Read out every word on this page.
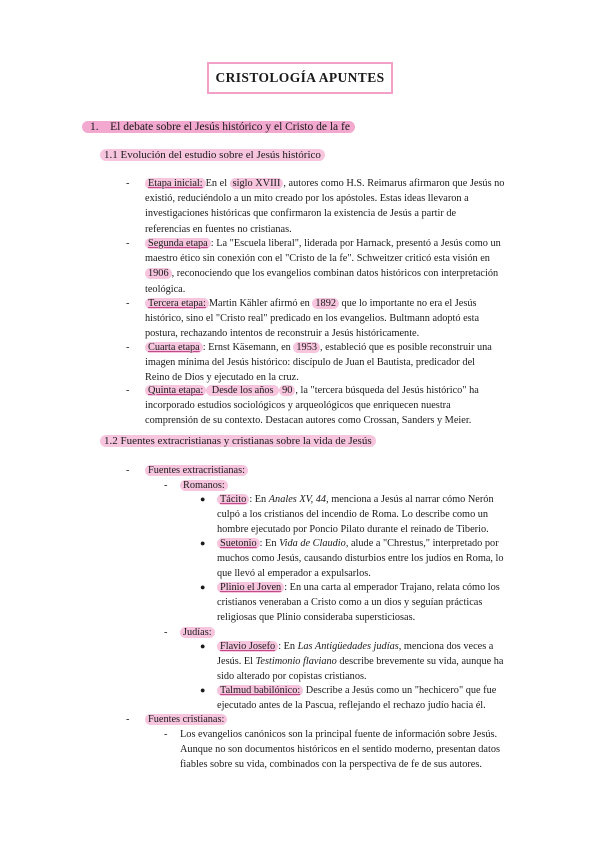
CRISTOLOGÍA APUNTES
1. El debate sobre el Jesús histórico y el Cristo de la fe
1.1 Evolución del estudio sobre el Jesús histórico
- Etapa inicial: En el siglo XVIII , autores como H.S. Reimarus afirmaron que Jesús no
existió, reduciéndolo a un mito creado por los apóstoles. Estas ideas llevaron a
investigaciones históricas que confirmaron la existencia de Jesús a partir de
referencias en fuentes no cristianas.
- Segunda etapa : La "Escuela liberal", liderada por Harnack, presentó a Jesús como un
maestro ético sin conexión con el "Cristo de la fe". Schweitzer criticó esta visión en
1906 , reconociendo que los evangelios combinan datos históricos con interpretación
teológica.
- Tercera etapa: Martin Kähler afirmó en 1892 que lo importante no era el Jesús
histórico, sino el "Cristo real" predicado en los evangelios. Bultmann adoptó esta
postura, rechazando intentos de reconstruir a Jesús históricamente.
- Cuarta etapa : Ernst Käsemann, en 1953 , estableció que es posible reconstruir una
imagen mínima del Jesús histórico: discípulo de Juan el Bautista, predicador del
Reino de Dios y ejecutado en la cruz.
- Quinta etapa: Desde los años 90 , la "tercera búsqueda del Jesús histórico" ha
incorporado estudios sociológicos y arqueológicos que enriquecen nuestra
comprensión de su contexto. Destacan autores como Crossan, Sanders y Meier.
1.2 Fuentes extracristianas y cristianas sobre la vida de Jesús
- Fuentes extracristianas:
- Romanos:
● Tácito : En Anales XV, 44, menciona a Jesús al narrar cómo Nerón
culpó a los cristianos del incendio de Roma. Lo describe como un
hombre ejecutado por Poncio Pilato durante el reinado de Tiberio.
● Suetonio : En Vida de Claudio, alude a "Chrestus," interpretado por
muchos como Jesús, causando disturbios entre los judíos en Roma, lo
que llevó al emperador a expulsarlos.
● Plinio el Joven : En una carta al emperador Trajano, relata cómo los
cristianos veneraban a Cristo como a un dios y seguían prácticas
religiosas que Plinio consideraba supersticiosas.
- Judías:
● Flavio Josefo : En Las Antigüedades judías, menciona dos veces a
Jesús. El Testimonio flaviano describe brevemente su vida, aunque ha
sido alterado por copistas cristianos.
● Talmud babilónico: Describe a Jesús como un "hechicero" que fue
ejecutado antes de la Pascua, reflejando el rechazo judío hacia él.
- Fuentes cristianas:
- Los evangelios canónicos son la principal fuente de información sobre Jesús.
Aunque no son documentos históricos en el sentido moderno, presentan datos
fiables sobre su vida, combinados con la perspectiva de fe de sus autores.
